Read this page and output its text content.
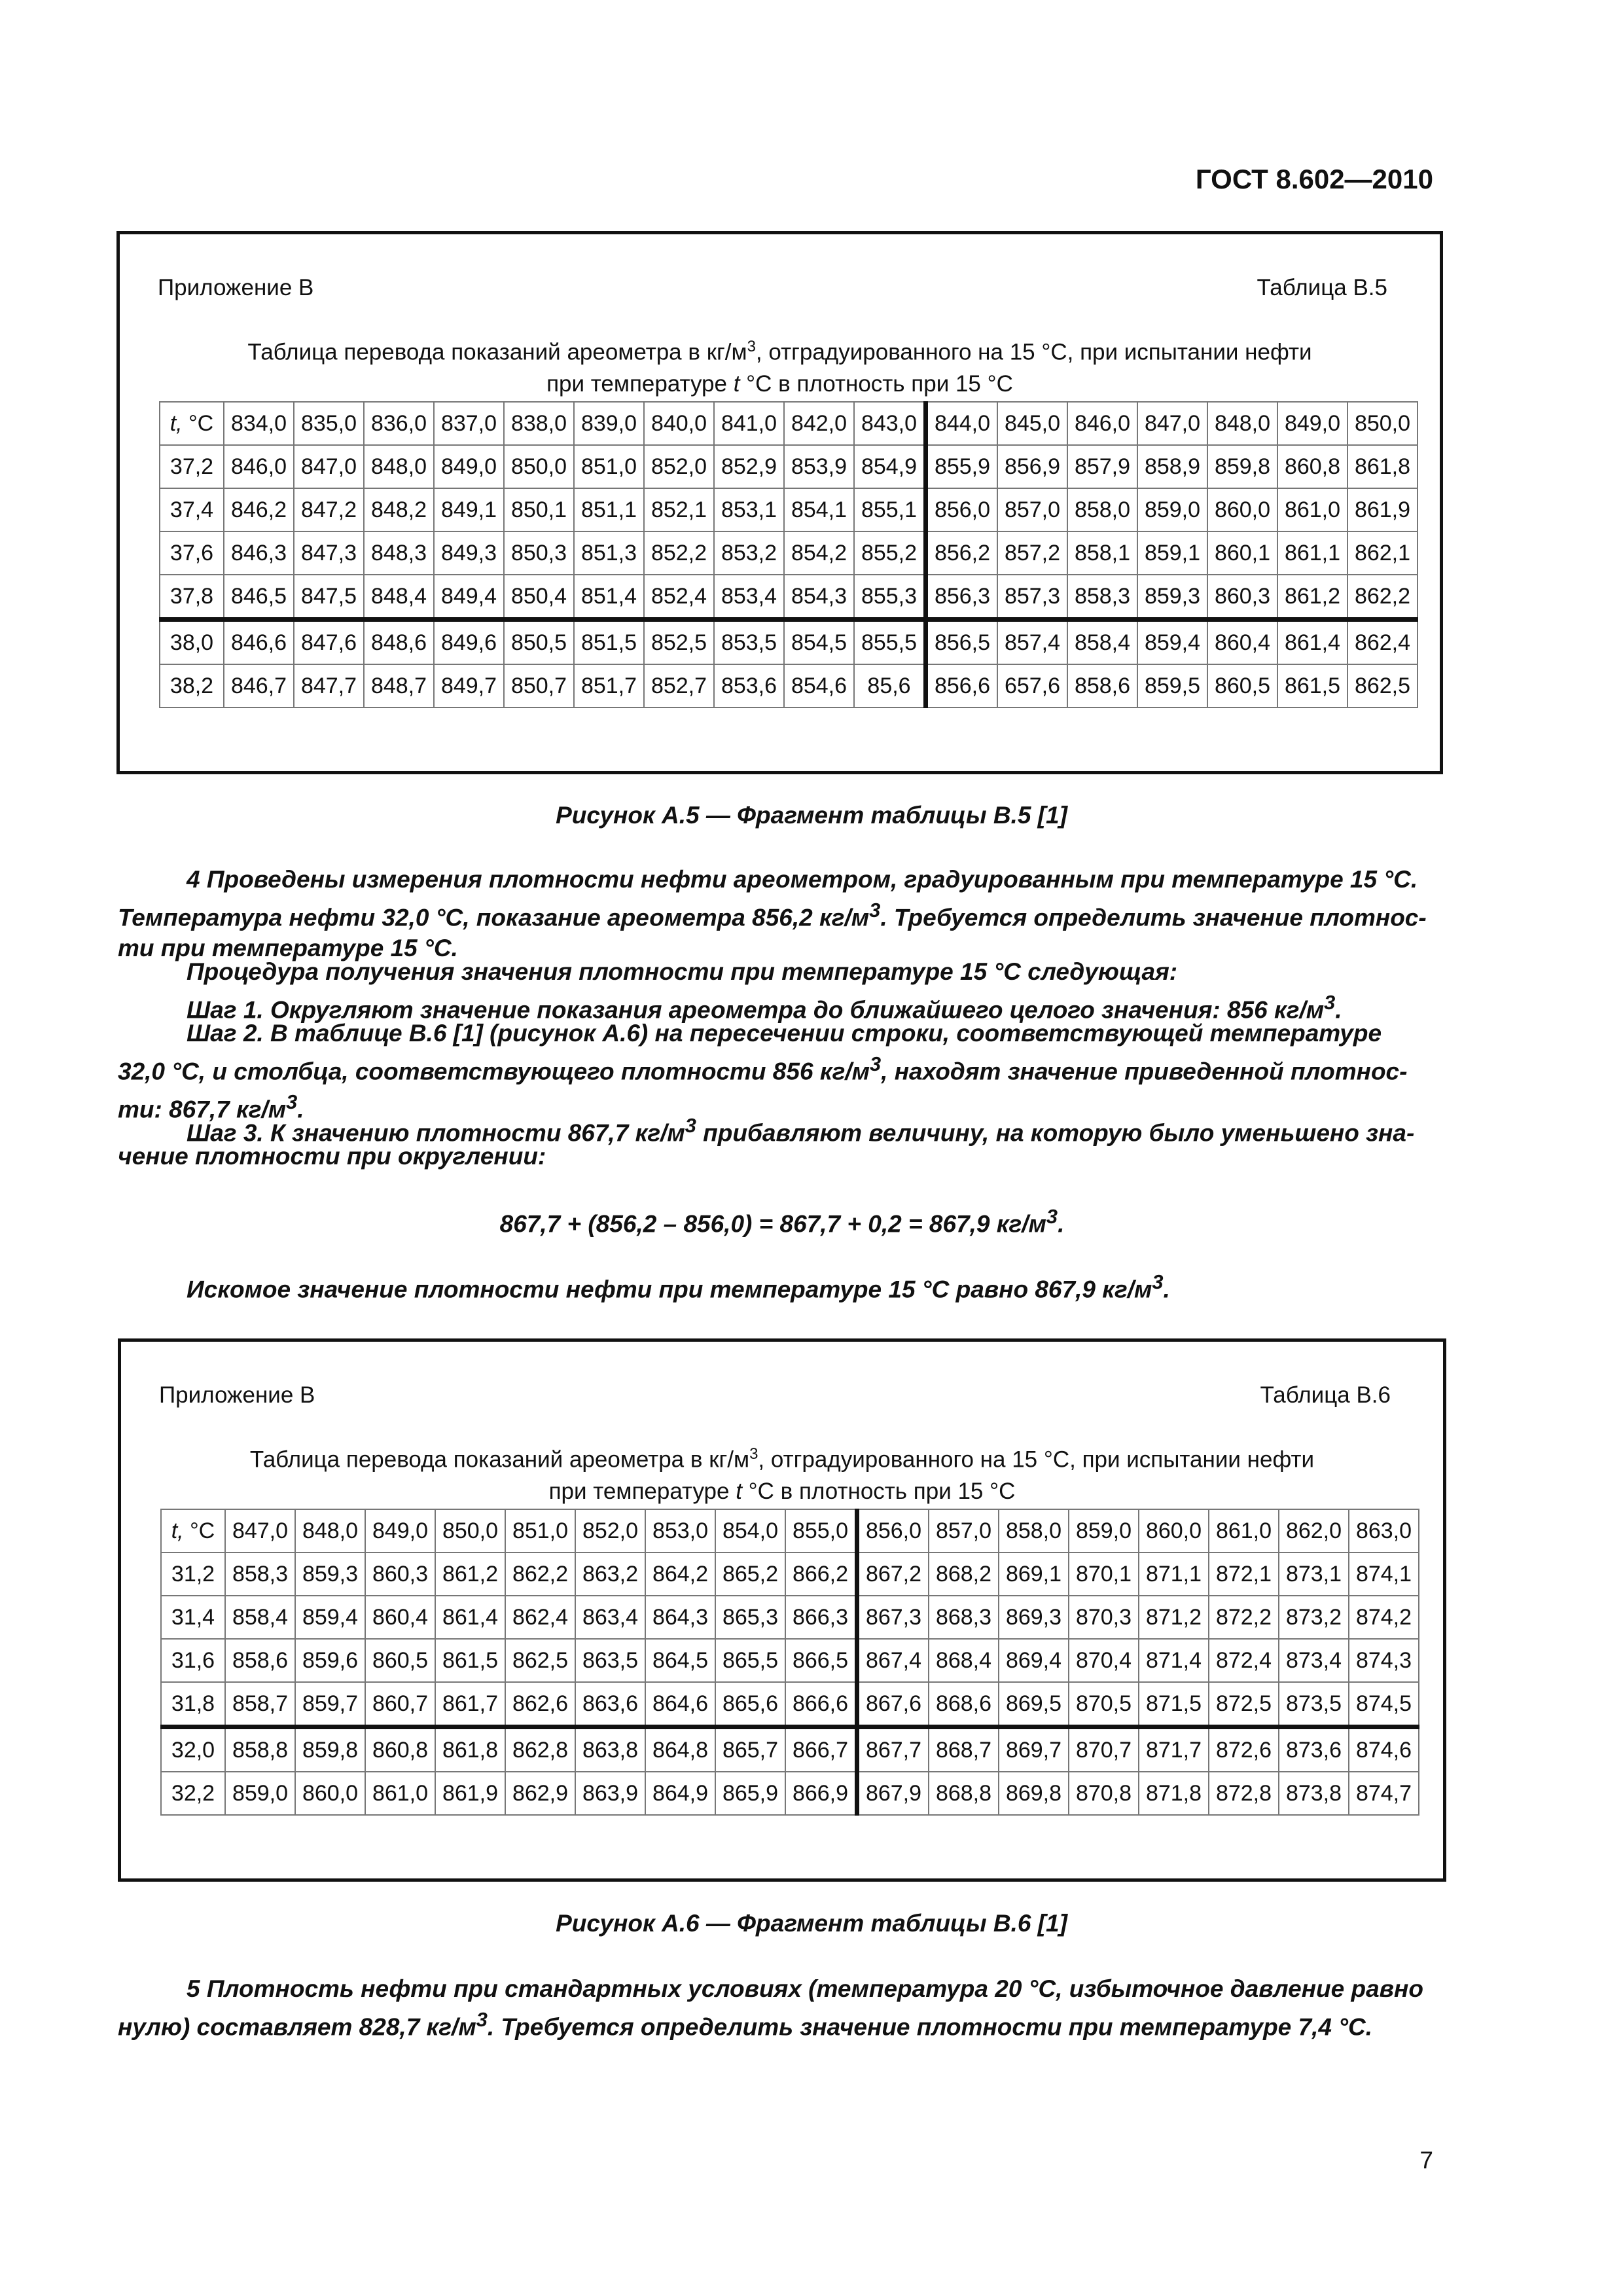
ГОСТ 8.602—2010
Приложение В	Таблица В.5
Таблица перевода показаний ареометра в $кг/м^3$, отградуированного на 15 °С, при испытании нефти
при температуре t °С в плотность при 15 °С
t, °С	834,0	835,0	836,0	837,0	838,0	839,0	840,0	841,0	842,0	843,0	844,0	845,0	846,0	847,0	848,0	849,0	850,0
37,2	846,0	847,0	848,0	849,0	850,0	851,0	852,0	852,9	853,9	854,9	855,9	856,9	857,9	858,9	859,8	860,8	861,8
37,4	846,2	847,2	848,2	849,1	850,1	851,1	852,1	853,1	854,1	855,1	856,0	857,0	858,0	859,0	860,0	861,0	861,9
37,6	846,3	847,3	848,3	849,3	850,3	851,3	852,2	853,2	854,2	855,2	856,2	857,2	858,1	859,1	860,1	861,1	862,1
37,8	846,5	847,5	848,4	849,4	850,4	851,4	852,4	853,4	854,3	855,3	856,3	857,3	858,3	859,3	860,3	861,2	862,2
38,0	846,6	847,6	848,6	849,6	850,5	851,5	852,5	853,5	854,5	855,5	856,5	857,4	858,4	859,4	860,4	861,4	862,4
38,2	846,7	847,7	848,7	849,7	850,7	851,7	852,7	853,6	854,6	85,6	856,6	657,6	858,6	859,5	860,5	861,5	862,5
Рисунок А.5 — Фрагмент таблицы В.5 [1]
4 Проведены измерения плотности нефти ареометром, градуированным при температуре 15 °С.
Температура нефти 32,0 °С, показание ареометра 856,2 $кг/м^3$. Требуется определить значение плотнос-
ти при температуре 15 °С.
Процедура получения значения плотности при температуре 15 °С следующая:
Шаг 1. Округляют значение показания ареометра до ближайшего целого значения: 856 $кг/м^3$.
Шаг 2. В таблице В.6 [1] (рисунок А.6) на пересечении строки, соответствующей температуре
32,0 °С, и столбца, соответствующего плотности 856 $кг/м^3$, находят значение приведенной плотнос-
ти: 867,7 $кг/м^3$.
Шаг 3. К значению плотности 867,7 $кг/м^3$ прибавляют величину, на которую было уменьшено зна-
чение плотности при округлении:
867,7 + (856,2 – 856,0) = 867,7 + 0,2 = 867,9 $кг/м^3$.
Искомое значение плотности нефти при температуре 15 °С равно 867,9 $кг/м^3$.
Приложение В	Таблица В.6
Таблица перевода показаний ареометра в $кг/м^3$, отградуированного на 15 °С, при испытании нефти
при температуре t °С в плотность при 15 °С
t, °С	847,0	848,0	849,0	850,0	851,0	852,0	853,0	854,0	855,0	856,0	857,0	858,0	859,0	860,0	861,0	862,0	863,0
31,2	858,3	859,3	860,3	861,2	862,2	863,2	864,2	865,2	866,2	867,2	868,2	869,1	870,1	871,1	872,1	873,1	874,1
31,4	858,4	859,4	860,4	861,4	862,4	863,4	864,3	865,3	866,3	867,3	868,3	869,3	870,3	871,2	872,2	873,2	874,2
31,6	858,6	859,6	860,5	861,5	862,5	863,5	864,5	865,5	866,5	867,4	868,4	869,4	870,4	871,4	872,4	873,4	874,3
31,8	858,7	859,7	860,7	861,7	862,6	863,6	864,6	865,6	866,6	867,6	868,6	869,5	870,5	871,5	872,5	873,5	874,5
32,0	858,8	859,8	860,8	861,8	862,8	863,8	864,8	865,7	866,7	867,7	868,7	869,7	870,7	871,7	872,6	873,6	874,6
32,2	859,0	860,0	861,0	861,9	862,9	863,9	864,9	865,9	866,9	867,9	868,8	869,8	870,8	871,8	872,8	873,8	874,7
Рисунок А.6 — Фрагмент таблицы В.6 [1]
5 Плотность нефти при стандартных условиях (температура 20 °С, избыточное давление равно
нулю) составляет 828,7 $кг/м^3$. Требуется определить значение плотности при температуре 7,4 °С.
7
